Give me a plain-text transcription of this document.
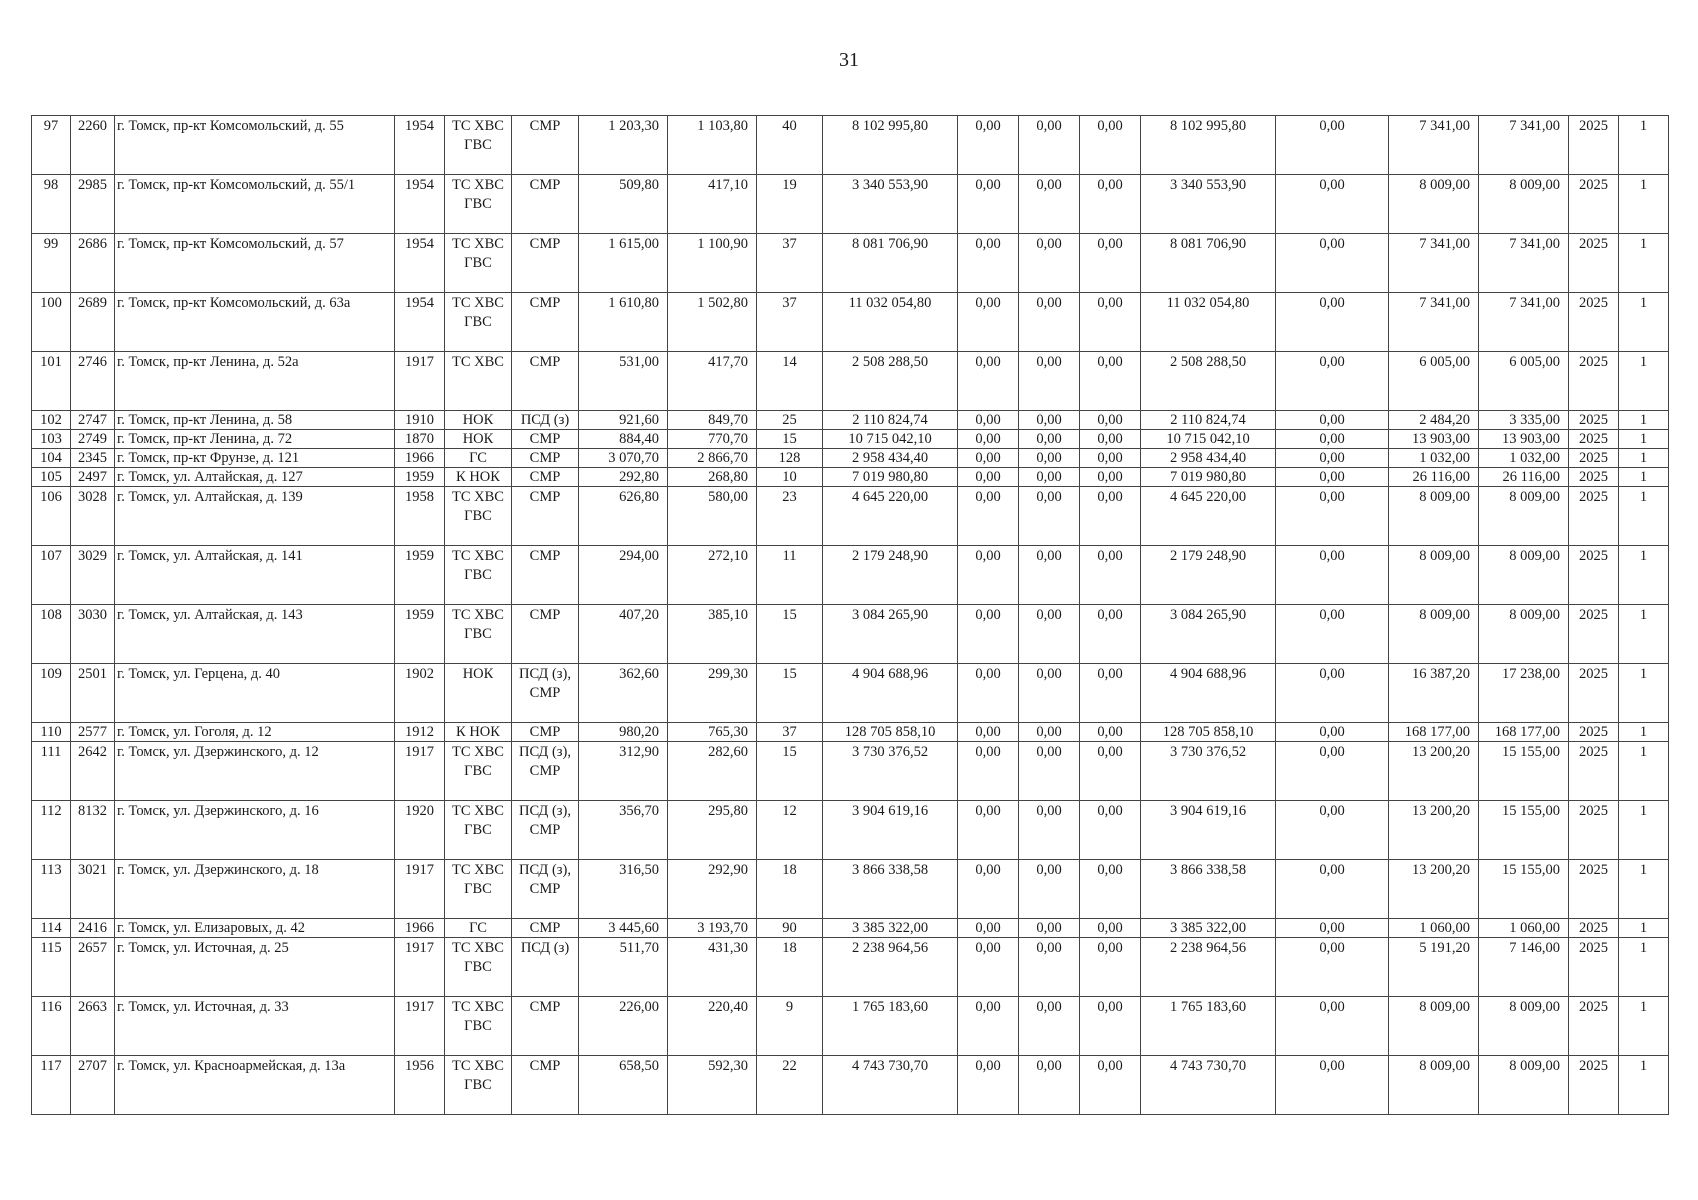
31
97	2260	г. Томск, пр-кт Комсомольский, д. 55	1954	ТС ХВС ГВС	СМР	1 203,30	1 103,80	40	8 102 995,80	0,00	0,00	0,00	8 102 995,80	0,00	7 341,00	7 341,00	2025	1
98	2985	г. Томск, пр-кт Комсомольский, д. 55/1	1954	ТС ХВС ГВС	СМР	509,80	417,10	19	3 340 553,90	0,00	0,00	0,00	3 340 553,90	0,00	8 009,00	8 009,00	2025	1
99	2686	г. Томск, пр-кт Комсомольский, д. 57	1954	ТС ХВС ГВС	СМР	1 615,00	1 100,90	37	8 081 706,90	0,00	0,00	0,00	8 081 706,90	0,00	7 341,00	7 341,00	2025	1
100	2689	г. Томск, пр-кт Комсомольский, д. 63а	1954	ТС ХВС ГВС	СМР	1 610,80	1 502,80	37	11 032 054,80	0,00	0,00	0,00	11 032 054,80	0,00	7 341,00	7 341,00	2025	1
101	2746	г. Томск, пр-кт Ленина, д. 52а	1917	ТС ХВС	СМР	531,00	417,70	14	2 508 288,50	0,00	0,00	0,00	2 508 288,50	0,00	6 005,00	6 005,00	2025	1
102	2747	г. Томск, пр-кт Ленина, д. 58	1910	НОК	ПСД (з)	921,60	849,70	25	2 110 824,74	0,00	0,00	0,00	2 110 824,74	0,00	2 484,20	3 335,00	2025	1
103	2749	г. Томск, пр-кт Ленина, д. 72	1870	НОК	СМР	884,40	770,70	15	10 715 042,10	0,00	0,00	0,00	10 715 042,10	0,00	13 903,00	13 903,00	2025	1
104	2345	г. Томск, пр-кт Фрунзе, д. 121	1966	ГС	СМР	3 070,70	2 866,70	128	2 958 434,40	0,00	0,00	0,00	2 958 434,40	0,00	1 032,00	1 032,00	2025	1
105	2497	г. Томск, ул. Алтайская, д. 127	1959	К НОК	СМР	292,80	268,80	10	7 019 980,80	0,00	0,00	0,00	7 019 980,80	0,00	26 116,00	26 116,00	2025	1
106	3028	г. Томск, ул. Алтайская, д. 139	1958	ТС ХВС ГВС	СМР	626,80	580,00	23	4 645 220,00	0,00	0,00	0,00	4 645 220,00	0,00	8 009,00	8 009,00	2025	1
107	3029	г. Томск, ул. Алтайская, д. 141	1959	ТС ХВС ГВС	СМР	294,00	272,10	11	2 179 248,90	0,00	0,00	0,00	2 179 248,90	0,00	8 009,00	8 009,00	2025	1
108	3030	г. Томск, ул. Алтайская, д. 143	1959	ТС ХВС ГВС	СМР	407,20	385,10	15	3 084 265,90	0,00	0,00	0,00	3 084 265,90	0,00	8 009,00	8 009,00	2025	1
109	2501	г. Томск, ул. Герцена, д. 40	1902	НОК	ПСД (з), СМР	362,60	299,30	15	4 904 688,96	0,00	0,00	0,00	4 904 688,96	0,00	16 387,20	17 238,00	2025	1
110	2577	г. Томск, ул. Гоголя, д. 12	1912	К НОК	СМР	980,20	765,30	37	128 705 858,10	0,00	0,00	0,00	128 705 858,10	0,00	168 177,00	168 177,00	2025	1
111	2642	г. Томск, ул. Дзержинского, д. 12	1917	ТС ХВС ГВС	ПСД (з), СМР	312,90	282,60	15	3 730 376,52	0,00	0,00	0,00	3 730 376,52	0,00	13 200,20	15 155,00	2025	1
112	8132	г. Томск, ул. Дзержинского, д. 16	1920	ТС ХВС ГВС	ПСД (з), СМР	356,70	295,80	12	3 904 619,16	0,00	0,00	0,00	3 904 619,16	0,00	13 200,20	15 155,00	2025	1
113	3021	г. Томск, ул. Дзержинского, д. 18	1917	ТС ХВС ГВС	ПСД (з), СМР	316,50	292,90	18	3 866 338,58	0,00	0,00	0,00	3 866 338,58	0,00	13 200,20	15 155,00	2025	1
114	2416	г. Томск, ул. Елизаровых, д. 42	1966	ГС	СМР	3 445,60	3 193,70	90	3 385 322,00	0,00	0,00	0,00	3 385 322,00	0,00	1 060,00	1 060,00	2025	1
115	2657	г. Томск, ул. Источная, д. 25	1917	ТС ХВС ГВС	ПСД (з)	511,70	431,30	18	2 238 964,56	0,00	0,00	0,00	2 238 964,56	0,00	5 191,20	7 146,00	2025	1
116	2663	г. Томск, ул. Источная, д. 33	1917	ТС ХВС ГВС	СМР	226,00	220,40	9	1 765 183,60	0,00	0,00	0,00	1 765 183,60	0,00	8 009,00	8 009,00	2025	1
117	2707	г. Томск, ул. Красноармейская, д. 13а	1956	ТС ХВС ГВС	СМР	658,50	592,30	22	4 743 730,70	0,00	0,00	0,00	4 743 730,70	0,00	8 009,00	8 009,00	2025	1
